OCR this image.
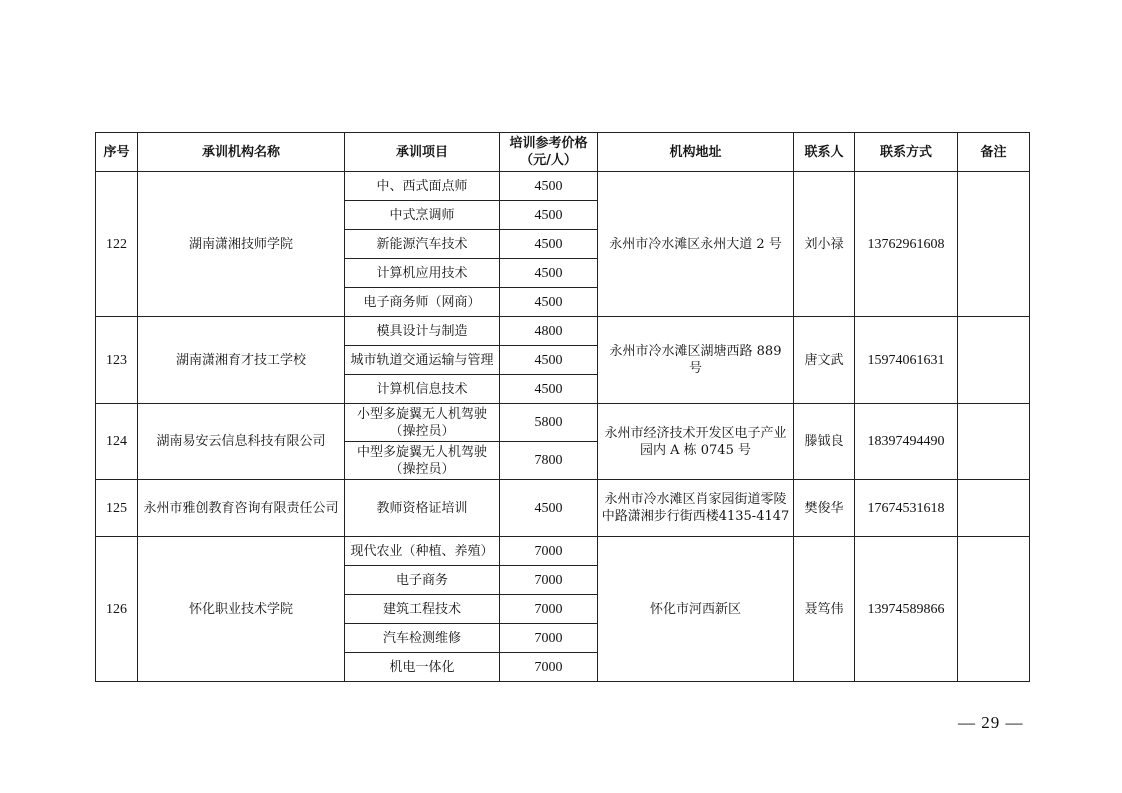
序号	承训机构名称	承训项目	培训参考价格（元/人）	机构地址	联系人	联系方式	备注
122	湖南潇湘技师学院	中、西式面点师	4500	永州市冷水滩区永州大道 2 号	刘小禄	13762961608	
		中式烹调师	4500				
		新能源汽车技术	4500				
		计算机应用技术	4500				
		电子商务师（网商）	4500				
123	湖南潇湘育才技工学校	模具设计与制造	4800	永州市冷水滩区湖塘西路 889 号	唐文武	15974061631	
		城市轨道交通运输与管理	4500				
		计算机信息技术	4500				
124	湖南易安云信息科技有限公司	小型多旋翼无人机驾驶（操控员）	5800	永州市经济技术开发区电子产业园内 A 栋 0745 号	滕钺良	18397494490	
		中型多旋翼无人机驾驶（操控员）	7800				
125	永州市雅创教育咨询有限责任公司	教师资格证培训	4500	永州市冷水滩区肖家园街道零陵中路潇湘步行街西楼4135-4147	樊俊华	17674531618	
126	怀化职业技术学院	现代农业（种植、养殖）	7000	怀化市河西新区	聂笃伟	13974589866	
		电子商务	7000				
		建筑工程技术	7000				
		汽车检测维修	7000				
		机电一体化	7000				
— 29 —
